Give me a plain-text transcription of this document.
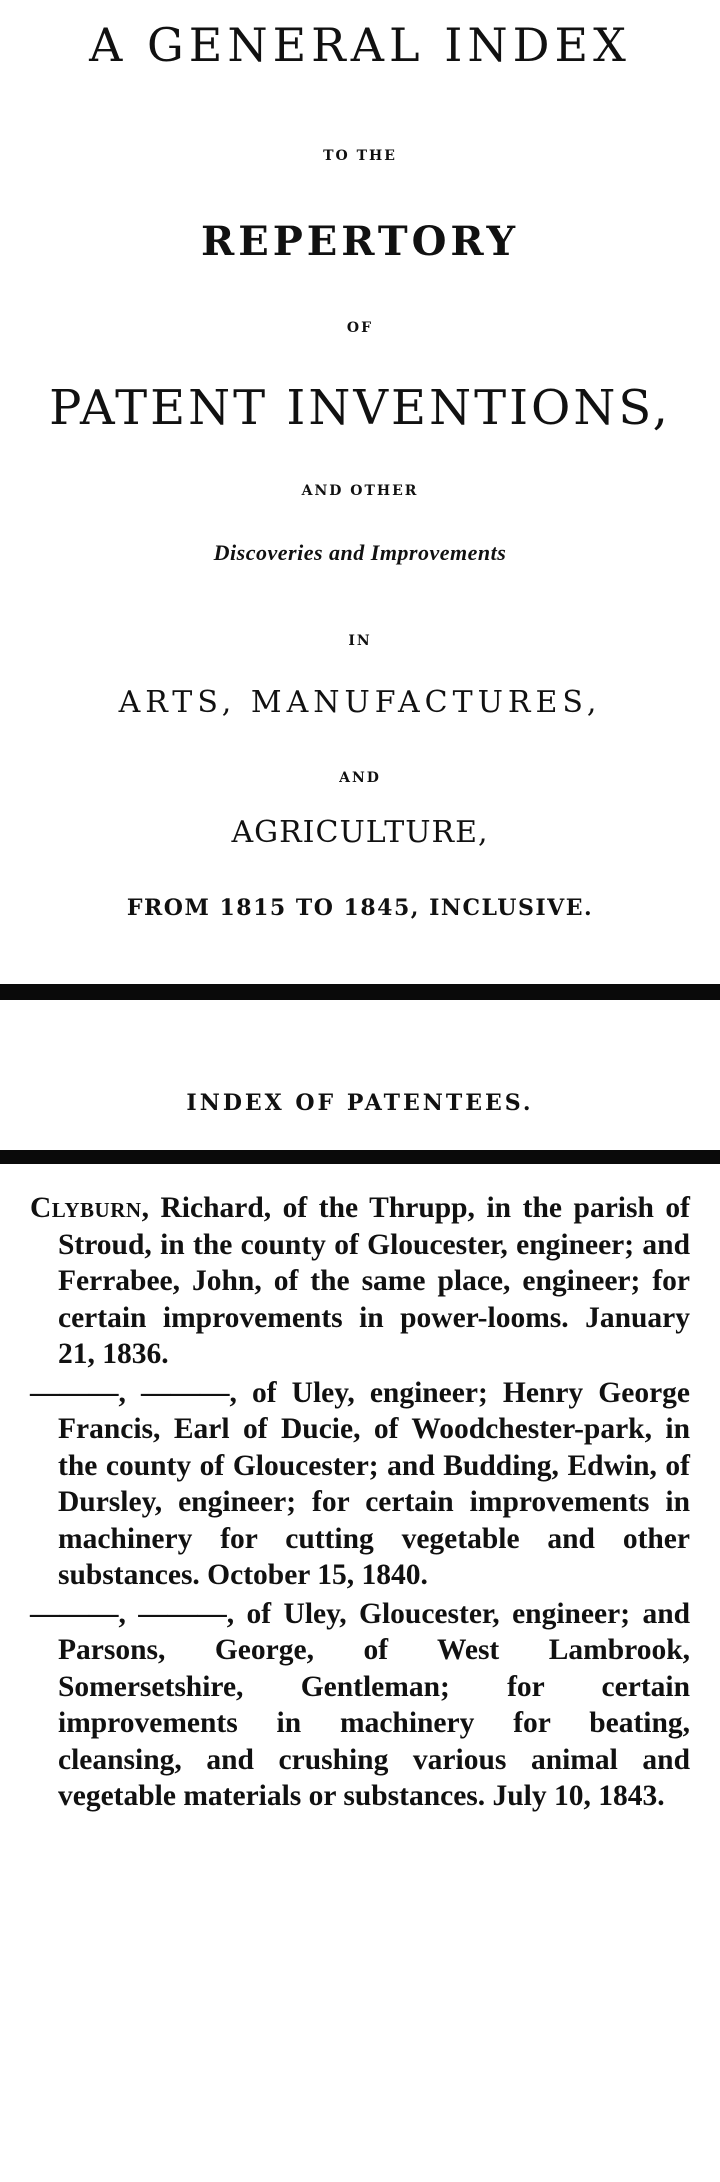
A GENERAL INDEX
TO THE
REPERTORY
OF
PATENT INVENTIONS,
AND OTHER
Discoveries and Improvements
IN
ARTS, MANUFACTURES,
AND
AGRICULTURE,
FROM 1815 TO 1845, INCLUSIVE.
INDEX OF PATENTEES.

Clyburn, Richard, of the Thrupp, in the parish of Stroud, in the county of Gloucester, engineer; and Ferrabee, John, of the same place, engineer; for certain improvements in power-looms. January 21, 1836.

———, ———, of Uley, engineer; Henry George Francis, Earl of Ducie, of Woodchester-park, in the county of Gloucester; and Budding, Edwin, of Dursley, engineer; for certain improvements in machinery for cutting vegetable and other substances. October 15, 1840.

———, ———, of Uley, Gloucester, engineer; and Parsons, George, of West Lambrook, Somersetshire, Gentleman; for certain improvements in machinery for beating, cleansing, and crushing various animal and vegetable materials or substances. July 10, 1843.
